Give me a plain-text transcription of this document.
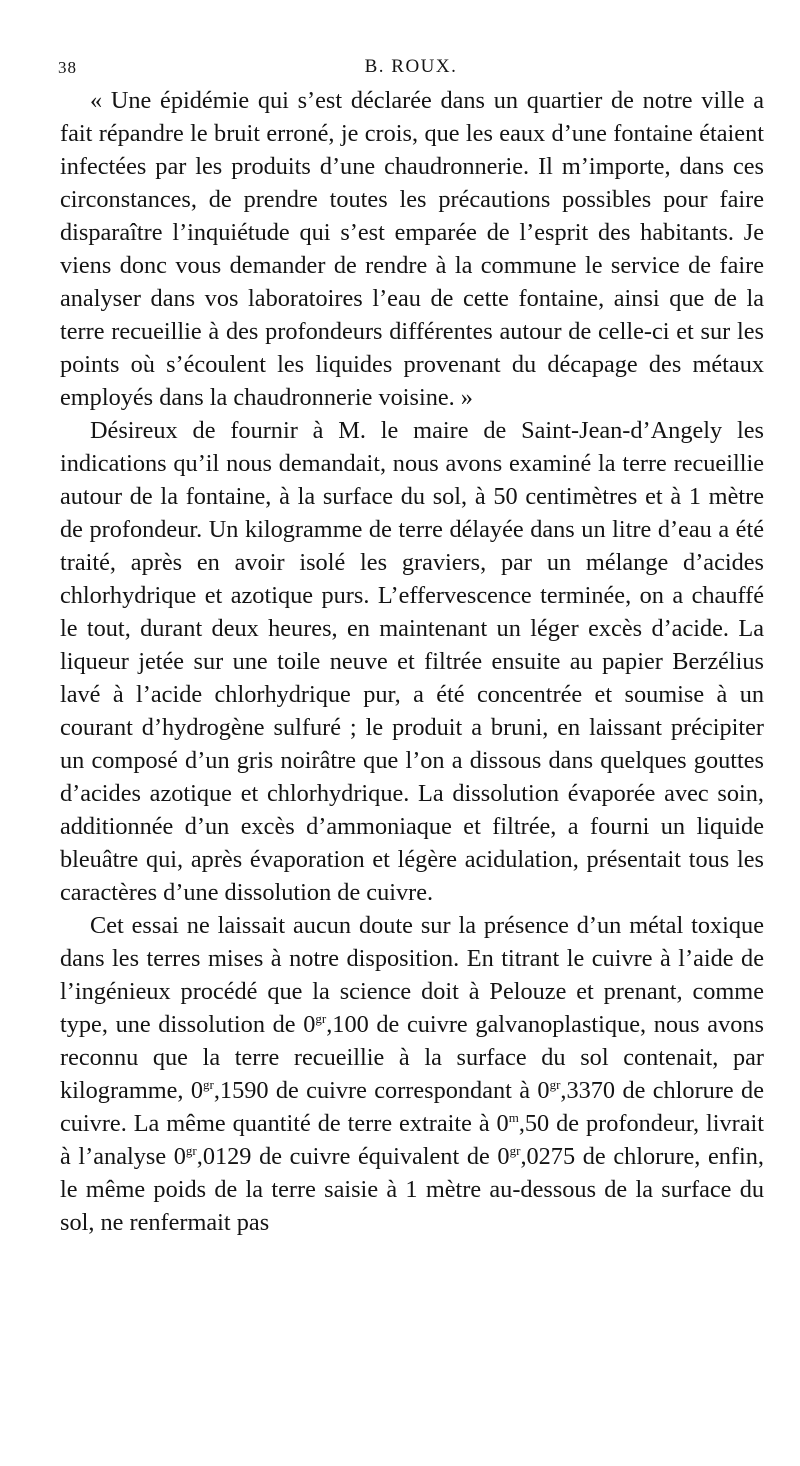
38	B. ROUX.

« Une épidémie qui s’est déclarée dans un quartier de notre ville a fait répandre le bruit erroné, je crois, que les eaux d’une fontaine étaient infectées par les produits d’une chaudronnerie. Il m’importe, dans ces circonstances, de prendre toutes les précautions possibles pour faire disparaître l’inquiétude qui s’est emparée de l’esprit des habitants. Je viens donc vous demander de rendre à la commune le service de faire analyser dans vos laboratoires l’eau de cette fontaine, ainsi que de la terre recueillie à des profondeurs différentes autour de celle-ci et sur les points où s’écoulent les liquides provenant du décapage des métaux employés dans la chaudronnerie voisine. »

Désireux de fournir à M. le maire de Saint-Jean-d’Angely les indications qu’il nous demandait, nous avons examiné la terre recueillie autour de la fontaine, à la surface du sol, à 50 centimètres et à 1 mètre de profondeur. Un kilogramme de terre délayée dans un litre d’eau a été traité, après en avoir isolé les graviers, par un mélange d’acides chlorhydrique et azotique purs. L’effervescence terminée, on a chauffé le tout, durant deux heures, en maintenant un léger excès d’acide. La liqueur jetée sur une toile neuve et filtrée ensuite au papier Berzélius lavé à l’acide chlorhydrique pur, a été concentrée et soumise à un courant d’hydrogène sulfuré ; le produit a bruni, en laissant précipiter un composé d’un gris noirâtre que l’on a dissous dans quelques gouttes d’acides azotique et chlorhydrique. La dissolution évaporée avec soin, additionnée d’un excès d’ammoniaque et filtrée, a fourni un liquide bleuâtre qui, après évaporation et légère acidulation, présentait tous les caractères d’une dissolution de cuivre.

Cet essai ne laissait aucun doute sur la présence d’un métal toxique dans les terres mises à notre disposition. En titrant le cuivre à l’aide de l’ingénieux procédé que la science doit à Pelouze et prenant, comme type, une dissolution de $0^{gr},100$ de cuivre galvanoplastique, nous avons reconnu que la terre recueillie à la surface du sol contenait, par kilogramme, $0^{gr},1590$ de cuivre correspondant à $0^{gr},3370$ de chlorure de cuivre. La même quantité de terre extraite à 0$^m$,50 de profondeur, livrait à l’analyse $0^{gr},0129$ de cuivre équivalent de $0^{gr},0275$ de chlorure, enfin, le même poids de la terre saisie à 1 mètre au-dessous de la surface du sol, ne renfermait pas
